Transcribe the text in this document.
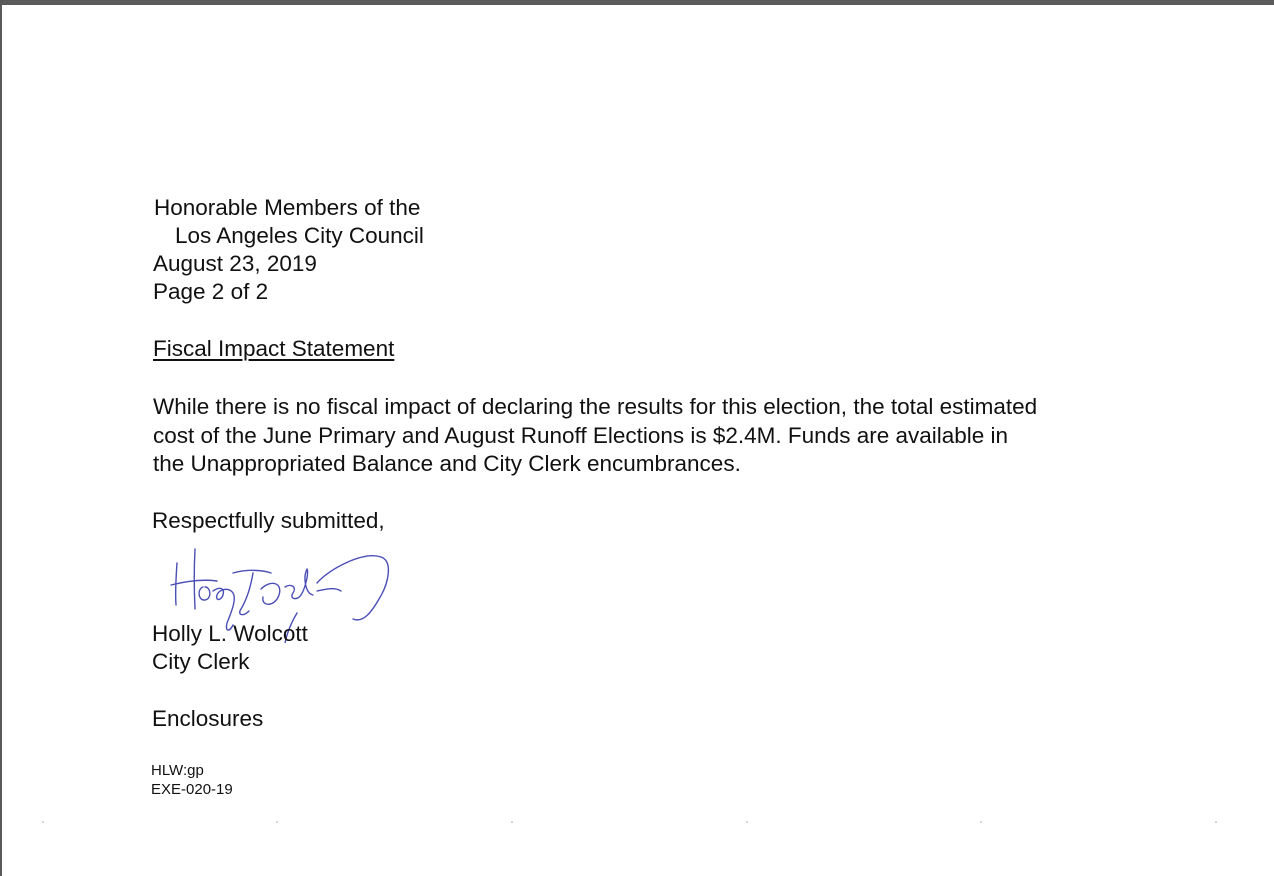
Honorable Members of the
Los Angeles City Council
August 23, 2019
Page 2 of 2
Fiscal Impact Statement
While there is no fiscal impact of declaring the results for this election, the total estimated
cost of the June Primary and August Runoff Elections is $2.4M. Funds are available in
the Unappropriated Balance and City Clerk encumbrances.
Respectfully submitted,
Holly L. Wolcott
City Clerk
Enclosures
HLW:gp
EXE-020-19
